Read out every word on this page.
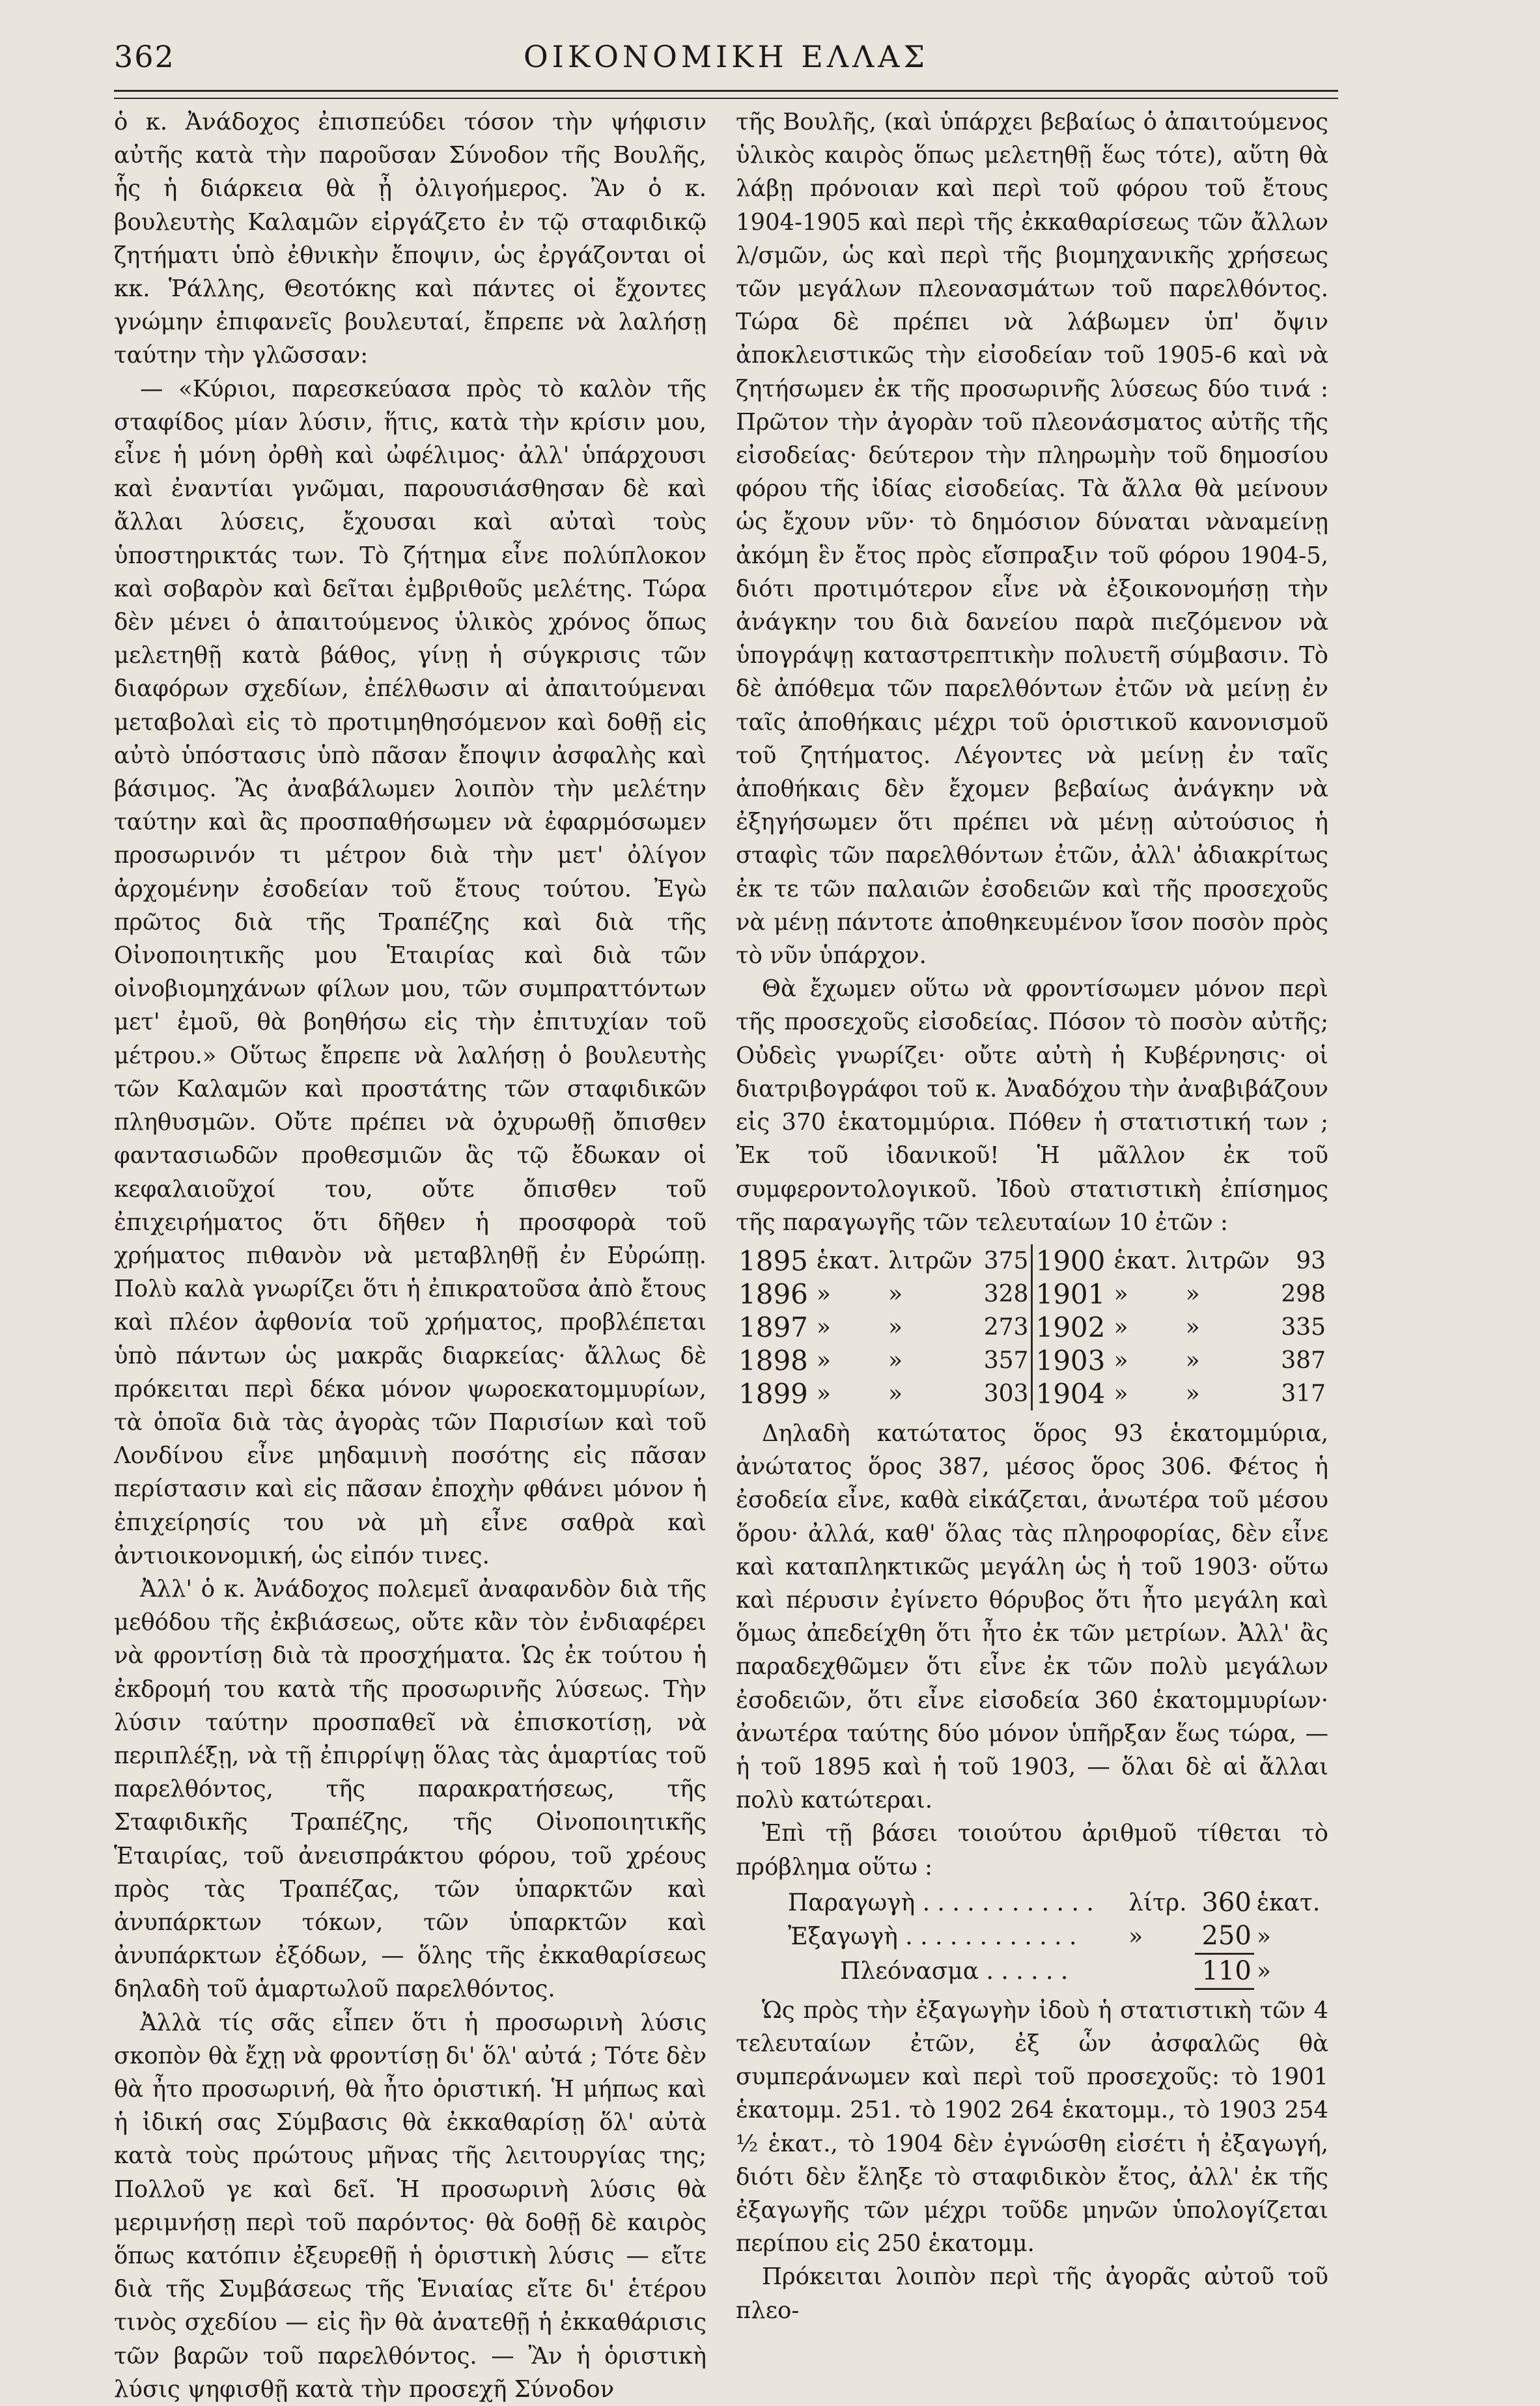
362	ΟΙΚΟΝΟΜΙΚΗ ΕΛΛΑΣ

ὁ κ. Ἀνάδοχος ἐπισπεύδει τόσον τὴν ψήφισιν αὐτῆς κατὰ τὴν παροῦσαν Σύνοδον τῆς Βουλῆς, ἧς ἡ διάρκεια θὰ ᾖ ὀλιγοήμερος. Ἂν ὁ κ. βουλευτὴς Καλαμῶν εἰργάζετο ἐν τῷ σταφιδικῷ ζητήματι ὑπὸ ἐθνικὴν ἔποψιν, ὡς ἐργάζονται οἱ κκ. Ῥάλλης, Θεοτόκης καὶ πάντες οἱ ἔχοντες γνώμην ἐπιφανεῖς βουλευταί, ἔπρεπε νὰ λαλήσῃ ταύτην τὴν γλῶσσαν:

— «Κύριοι, παρεσκεύασα πρὸς τὸ καλὸν τῆς σταφίδος μίαν λύσιν, ἥτις, κατὰ τὴν κρίσιν μου, εἶνε ἡ μόνη ὀρθὴ καὶ ὠφέλιμος· ἀλλ' ὑπάρχουσι καὶ ἐναντίαι γνῶμαι, παρουσιάσθησαν δὲ καὶ ἄλλαι λύσεις, ἔχουσαι καὶ αὐταὶ τοὺς ὑποστηρικτάς των. Τὸ ζήτημα εἶνε πολύπλοκον καὶ σοβαρὸν καὶ δεῖται ἐμβριθοῦς μελέτης. Τώρα δὲν μένει ὁ ἀπαιτούμενος ὑλικὸς χρόνος ὅπως μελετηθῇ κατὰ βάθος, γίνῃ ἡ σύγκρισις τῶν διαφόρων σχεδίων, ἐπέλθωσιν αἱ ἀπαιτούμεναι μεταβολαὶ εἰς τὸ προτιμηθησόμενον καὶ δοθῇ εἰς αὐτὸ ὑπόστασις ὑπὸ πᾶσαν ἔποψιν ἀσφαλὴς καὶ βάσιμος. Ἂς ἀναβάλωμεν λοιπὸν τὴν μελέτην ταύτην καὶ ἂς προσπαθήσωμεν νὰ ἐφαρμόσωμεν προσωρινόν τι μέτρον διὰ τὴν μετ' ὀλίγον ἀρχομένην ἐσοδείαν τοῦ ἔτους τούτου. Ἐγὼ πρῶτος διὰ τῆς Τραπέζης καὶ διὰ τῆς Οἰνοποιητικῆς μου Ἑταιρίας καὶ διὰ τῶν οἰνοβιομηχάνων φίλων μου, τῶν συμπραττόντων μετ' ἐμοῦ, θὰ βοηθήσω εἰς τὴν ἐπιτυχίαν τοῦ μέτρου.» Οὕτως ἔπρεπε νὰ λαλήσῃ ὁ βουλευτὴς τῶν Καλαμῶν καὶ προστάτης τῶν σταφιδικῶν πληθυσμῶν. Οὔτε πρέπει νὰ ὀχυρωθῇ ὄπισθεν φαντασιωδῶν προθεσμιῶν ἃς τῷ ἔδωκαν οἱ κεφαλαιοῦχοί του, οὔτε ὄπισθεν τοῦ ἐπιχειρήματος ὅτι δῆθεν ἡ προσφορὰ τοῦ χρήματος πιθανὸν νὰ μεταβληθῇ ἐν Εὐρώπῃ. Πολὺ καλὰ γνωρίζει ὅτι ἡ ἐπικρατοῦσα ἀπὸ ἔτους καὶ πλέον ἀφθονία τοῦ χρήματος, προβλέπεται ὑπὸ πάντων ὡς μακρᾶς διαρκείας· ἄλλως δὲ πρόκειται περὶ δέκα μόνον ψωροεκατομμυρίων, τὰ ὁποῖα διὰ τὰς ἀγορὰς τῶν Παρισίων καὶ τοῦ Λονδίνου εἶνε μηδαμινὴ ποσότης εἰς πᾶσαν περίστασιν καὶ εἰς πᾶσαν ἐποχὴν φθάνει μόνον ἡ ἐπιχείρησίς του νὰ μὴ εἶνε σαθρὰ καὶ ἀντιοικονομική, ὡς εἰπόν τινες.

Ἀλλ' ὁ κ. Ἀνάδοχος πολεμεῖ ἀναφανδὸν διὰ τῆς μεθόδου τῆς ἐκβιάσεως, οὔτε κἂν τὸν ἐνδιαφέρει νὰ φροντίσῃ διὰ τὰ προσχήματα. Ὡς ἐκ τούτου ἡ ἐκδρομή του κατὰ τῆς προσωρινῆς λύσεως. Τὴν λύσιν ταύτην προσπαθεῖ νὰ ἐπισκοτίσῃ, νὰ περιπλέξῃ, νὰ τῇ ἐπιρρίψῃ ὅλας τὰς ἁμαρτίας τοῦ παρελθόντος, τῆς παρακρατήσεως, τῆς Σταφιδικῆς Τραπέζης, τῆς Οἰνοποιητικῆς Ἑταιρίας, τοῦ ἀνεισπράκτου φόρου, τοῦ χρέους πρὸς τὰς Τραπέζας, τῶν ὑπαρκτῶν καὶ ἀνυπάρκτων τόκων, τῶν ὑπαρκτῶν καὶ ἀνυπάρκτων ἐξόδων, — ὅλης τῆς ἐκκαθαρίσεως δηλαδὴ τοῦ ἁμαρτωλοῦ παρελθόντος.

Ἀλλὰ τίς σᾶς εἶπεν ὅτι ἡ προσωρινὴ λύσις σκοπὸν θὰ ἔχῃ νὰ φροντίσῃ δι' ὅλ' αὐτά ; Τότε δὲν θὰ ἦτο προσωρινή, θὰ ἦτο ὁριστική. Ἡ μήπως καὶ ἡ ἰδική σας Σύμβασις θὰ ἐκκαθαρίσῃ ὅλ' αὐτὰ κατὰ τοὺς πρώτους μῆνας τῆς λειτουργίας της; Πολλοῦ γε καὶ δεῖ. Ἡ προσωρινὴ λύσις θὰ μεριμνήσῃ περὶ τοῦ παρόντος· θὰ δοθῇ δὲ καιρὸς ὅπως κατόπιν ἐξευρεθῇ ἡ ὁριστικὴ λύσις — εἴτε διὰ τῆς Συμβάσεως τῆς Ἑνιαίας εἴτε δι' ἑτέρου τινὸς σχεδίου — εἰς ἣν θὰ ἀνατεθῇ ἡ ἐκκαθάρισις τῶν βαρῶν τοῦ παρελθόντος. — Ἂν ἡ ὁριστικὴ λύσις ψηφισθῇ κατὰ τὴν προσεχῆ Σύνοδον

τῆς Βουλῆς, (καὶ ὑπάρχει βεβαίως ὁ ἀπαιτούμενος ὑλικὸς καιρὸς ὅπως μελετηθῇ ἕως τότε), αὕτη θὰ λάβῃ πρόνοιαν καὶ περὶ τοῦ φόρου τοῦ ἔτους 1904-1905 καὶ περὶ τῆς ἐκκαθαρίσεως τῶν ἄλλων λ/σμῶν, ὡς καὶ περὶ τῆς βιομηχανικῆς χρήσεως τῶν μεγάλων πλεονασμάτων τοῦ παρελθόντος. Τώρα δὲ πρέπει νὰ λάβωμεν ὑπ' ὄψιν ἀποκλειστικῶς τὴν εἰσοδείαν τοῦ 1905-6 καὶ νὰ ζητήσωμεν ἐκ τῆς προσωρινῆς λύσεως δύο τινά : Πρῶτον τὴν ἀγορὰν τοῦ πλεονάσματος αὐτῆς τῆς εἰσοδείας· δεύτερον τὴν πληρωμὴν τοῦ δημοσίου φόρου τῆς ἰδίας εἰσοδείας. Τὰ ἄλλα θὰ μείνουν ὡς ἔχουν νῦν· τὸ δημόσιον δύναται νὰναμείνῃ ἀκόμη ἓν ἔτος πρὸς εἴσπραξιν τοῦ φόρου 1904-5, διότι προτιμότερον εἶνε νὰ ἐξοικονομήσῃ τὴν ἀνάγκην του διὰ δανείου παρὰ πιεζόμενον νὰ ὑπογράψῃ καταστρεπτικὴν πολυετῆ σύμβασιν. Τὸ δὲ ἀπόθεμα τῶν παρελθόντων ἐτῶν νὰ μείνῃ ἐν ταῖς ἀποθήκαις μέχρι τοῦ ὁριστικοῦ κανονισμοῦ τοῦ ζητήματος. Λέγοντες νὰ μείνῃ ἐν ταῖς ἀποθήκαις δὲν ἔχομεν βεβαίως ἀνάγκην νὰ ἐξηγήσωμεν ὅτι πρέπει νὰ μένῃ αὐτούσιος ἡ σταφὶς τῶν παρελθόντων ἐτῶν, ἀλλ' ἀδιακρίτως ἐκ τε τῶν παλαιῶν ἐσοδειῶν καὶ τῆς προσεχοῦς νὰ μένῃ πάντοτε ἀποθηκευμένον ἴσον ποσὸν πρὸς τὸ νῦν ὑπάρχον.

Θὰ ἔχωμεν οὕτω νὰ φροντίσωμεν μόνον περὶ τῆς προσεχοῦς εἰσοδείας. Πόσον τὸ ποσὸν αὐτῆς; Οὐδεὶς γνωρίζει· οὔτε αὐτὴ ἡ Κυβέρνησις· οἱ διατριβογράφοι τοῦ κ. Ἀναδόχου τὴν ἀναβιβάζουν εἰς 370 ἑκατομμύρια. Πόθεν ἡ στατιστική των ; Ἐκ τοῦ ἰδανικοῦ! Ἡ μᾶλλον ἐκ τοῦ συμφεροντολογικοῦ. Ἰδοὺ στατιστικὴ ἐπίσημος τῆς παραγωγῆς τῶν τελευταίων 10 ἐτῶν :

1895	ἑκατ.	λιτρῶν	375	1900	ἑκατ.	λιτρῶν	93
1896	»	»	328	1901	»	»	298
1897	»	»	273	1902	»	»	335
1898	»	»	357	1903	»	»	387
1899	»	»	303	1904	»	»	317

Δηλαδὴ κατώτατος ὅρος 93 ἑκατομμύρια, ἀνώτατος ὅρος 387, μέσος ὅρος 306. Φέτος ἡ ἐσοδεία εἶνε, καθὰ εἰκάζεται, ἀνωτέρα τοῦ μέσου ὅρου· ἀλλά, καθ' ὅλας τὰς πληροφορίας, δὲν εἶνε καὶ καταπληκτικῶς μεγάλη ὡς ἡ τοῦ 1903· οὕτω καὶ πέρυσιν ἐγίνετο θόρυβος ὅτι ἦτο μεγάλη καὶ ὅμως ἀπεδείχθη ὅτι ἦτο ἐκ τῶν μετρίων. Ἀλλ' ἂς παραδεχθῶμεν ὅτι εἶνε ἐκ τῶν πολὺ μεγάλων ἐσοδειῶν, ὅτι εἶνε εἰσοδεία 360 ἑκατομμυρίων· ἀνωτέρα ταύτης δύο μόνον ὑπῆρξαν ἕως τώρα, — ἡ τοῦ 1895 καὶ ἡ τοῦ 1903, — ὅλαι δὲ αἱ ἄλλαι πολὺ κατώτεραι.

Ἐπὶ τῇ βάσει τοιούτου ἀριθμοῦ τίθεται τὸ πρόβλημα οὕτω :

Παραγωγὴ . . . . . . . . . . . .	λίτρ.	360	ἑκατ.
Ἐξαγωγὴ . . . . . . . . . . . .	»	250	»
Πλεόνασμα . . . . . .		110	»

Ὡς πρὸς τὴν ἐξαγωγὴν ἰδοὺ ἡ στατιστικὴ τῶν 4 τελευταίων ἐτῶν, ἐξ ὧν ἀσφαλῶς θὰ συμπεράνωμεν καὶ περὶ τοῦ προσεχοῦς: τὸ 1901 ἑκατομμ. 251. τὸ 1902 264 ἑκατομμ., τὸ 1903 254 ½ ἑκατ., τὸ 1904 δὲν ἐγνώσθη εἰσέτι ἡ ἐξαγωγή, διότι δὲν ἔληξε τὸ σταφιδικὸν ἔτος, ἀλλ' ἐκ τῆς ἐξαγωγῆς τῶν μέχρι τοῦδε μηνῶν ὑπολογίζεται περίπου εἰς 250 ἑκατομμ.

Πρόκειται λοιπὸν περὶ τῆς ἀγορᾶς αὐτοῦ τοῦ πλεο-
